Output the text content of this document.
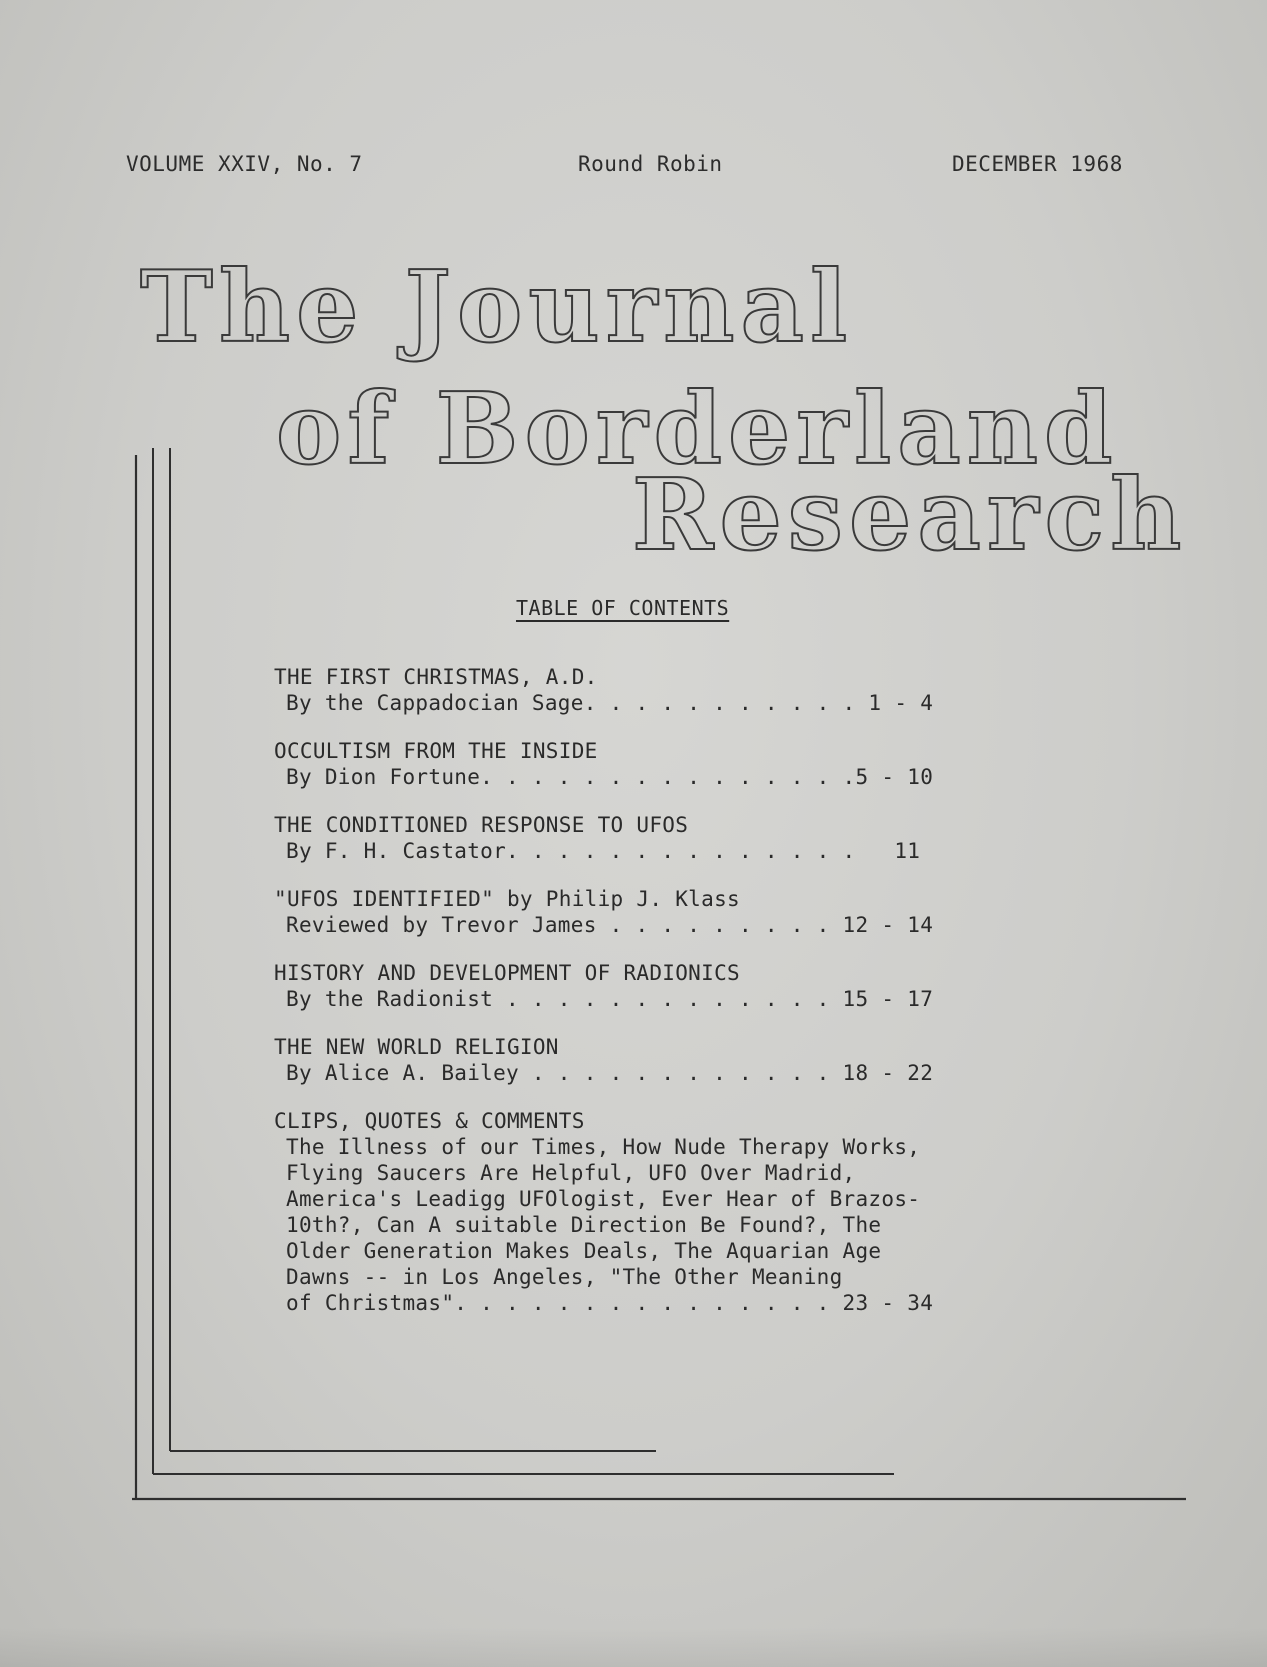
VOLUME XXIV, No. 7	Round Robin	DECEMBER 1968
The Journal
of Borderland
Research
TABLE OF CONTENTS
THE FIRST CHRISTMAS, A.D.
By the Cappadocian Sage. . . . . . . . . . . 1 - 4
OCCULTISM FROM THE INSIDE
By Dion Fortune. . . . . . . . . . . . . . .5 - 10
THE CONDITIONED RESPONSE TO UFOS
By F. H. Castator. . . . . . . . . . . . . .   11
"UFOS IDENTIFIED" by Philip J. Klass
Reviewed by Trevor James . . . . . . . . . 12 - 14
HISTORY AND DEVELOPMENT OF RADIONICS
By the Radionist . . . . . . . . . . . . . 15 - 17
THE NEW WORLD RELIGION
By Alice A. Bailey . . . . . . . . . . . . 18 - 22
CLIPS, QUOTES & COMMENTS
The Illness of our Times, How Nude Therapy Works,
Flying Saucers Are Helpful, UFO Over Madrid,
America's Leadigg UFOlogist, Ever Hear of Brazos-
10th?, Can A suitable Direction Be Found?, The
Older Generation Makes Deals, The Aquarian Age
Dawns -- in Los Angeles, "The Other Meaning
of Christmas". . . . . . . . . . . . . . . 23 - 34
